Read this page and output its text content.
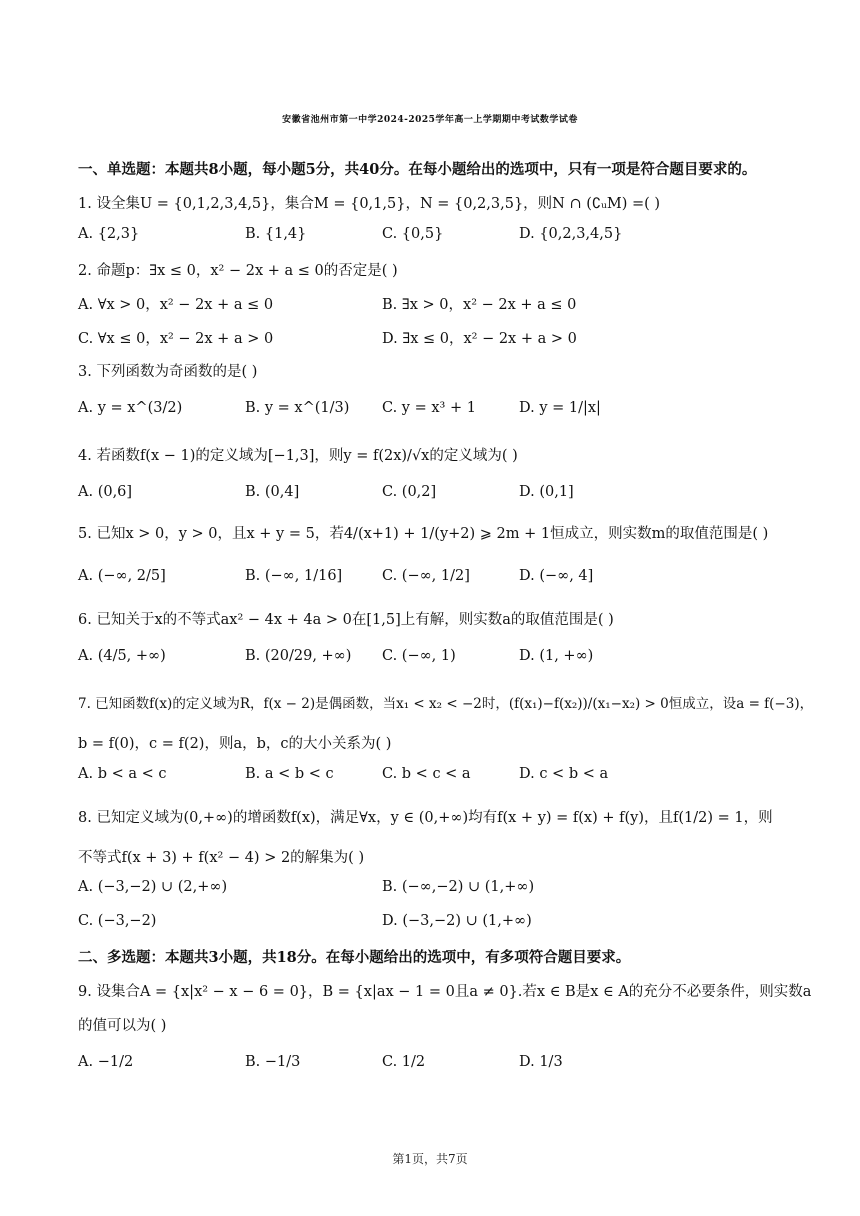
安徽省池州市第一中学2024-2025学年高一上学期期中考试数学试卷
一、单选题：本题共8小题，每小题5分，共40分。在每小题给出的选项中，只有一项是符合题目要求的。
1. 设全集U = {0,1,2,3,4,5}，集合M = {0,1,5}，N = {0,2,3,5}，则N ∩ (∁ᵤM) =( )
A. {2,3}	B. {1,4}	C. {0,5}	D. {0,2,3,4,5}
2. 命题p：∃x ≤ 0，x² − 2x + a ≤ 0的否定是( )
A. ∀x > 0，x² − 2x + a ≤ 0	B. ∃x > 0，x² − 2x + a ≤ 0
C. ∀x ≤ 0，x² − 2x + a > 0	D. ∃x ≤ 0，x² − 2x + a > 0
3. 下列函数为奇函数的是( )
A. y = x^(3/2)	B. y = x^(1/3) C. y = x³ + 1	D. y = 1/|x|
4. 若函数f(x − 1)的定义域为[−1,3]，则y = f(2x)/√x的定义域为( )
A. (0,6]	B. (0,4]	C. (0,2]	D. (0,1]
5. 已知x > 0，y > 0，且x + y = 5，若4/(x+1) + 1/(y+2) ⩾ 2m + 1恒成立，则实数m的取值范围是( )
A. (−∞, 2/5]	B. (−∞, 1/16]	C. (−∞, 1/2]	D. (−∞, 4]
6. 已知关于x的不等式ax² − 4x + 4a > 0在[1,5]上有解，则实数a的取值范围是( )
A. (4/5, +∞)	B. (20/29, +∞) C. (−∞, 1)	D. (1, +∞)
7. 已知函数f(x)的定义域为R，f(x − 2)是偶函数，当x₁ < x₂ < −2时，(f(x₁)−f(x₂))/(x₁−x₂) > 0恒成立，设a = f(−3)，
b = f(0)，c = f(2)，则a，b，c的大小关系为( )
A. b < a < c	B. a < b < c	C. b < c < a	D. c < b < a
8. 已知定义域为(0,+∞)的增函数f(x)，满足∀x，y ∈ (0,+∞)均有f(x + y) = f(x) + f(y)，且f(1/2) = 1，则
不等式f(x + 3) + f(x² − 4) > 2的解集为( )
A. (−3,−2) ∪ (2,+∞)	B. (−∞,−2) ∪ (1,+∞)
C. (−3,−2)	D. (−3,−2) ∪ (1,+∞)
二、多选题：本题共3小题，共18分。在每小题给出的选项中，有多项符合题目要求。
9. 设集合A = {x|x² − x − 6 = 0}，B = {x|ax − 1 = 0且a ≠ 0}.若x ∈ B是x ∈ A的充分不必要条件，则实数a
的值可以为( )
A. −1/2	B. −1/3	C. 1/2	D. 1/3
第1页，共7页
